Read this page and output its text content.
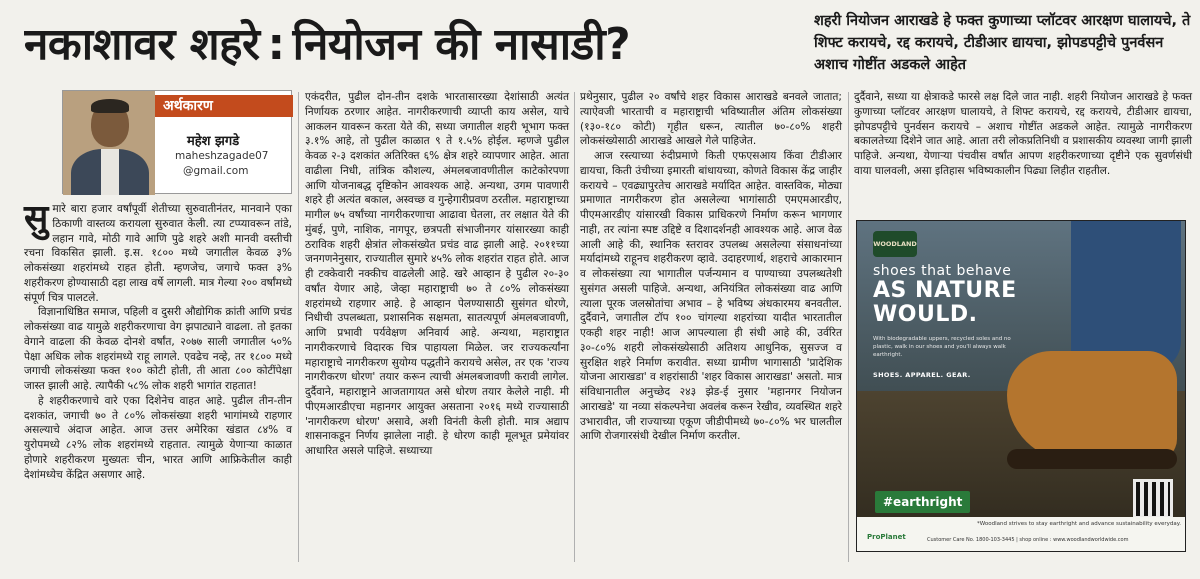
नकाशावर शहरे : नियोजन की नासाडी?	शहरी नियोजन आराखडे हे फक्त कुणाच्या प्लॉटवर आरक्षण घालायचे, ते शिफ्ट करायचे, रद्द करायचे, टीडीआर द्यायचा, झोपडपट्टीचे पुनर्वसन अशाच गोष्टींत अडकले आहेत
अर्थकारण
महेश झगडे
maheshzagade07
@gmail.com

सुमारे बारा हजार वर्षांपूर्वी शेतीच्या सुरुवातीनंतर, मानवाने एका ठिकाणी वास्तव्य करायला सुरुवात केली. त्या टप्प्यावरून तांडे, लहान गावे, मोठी गावे आणि पुढे शहरे अशी मानवी वस्तीची रचना विकसित झाली. इ.स. १८०० मध्ये जगातील केवळ ३% लोकसंख्या शहरांमध्ये राहत होती. म्हणजेच, जगाचे फक्त ३% शहरीकरण होण्यासाठी दहा लाख वर्षे लागली. मात्र गेल्या २०० वर्षांमध्ये संपूर्ण चित्र पालटले.

विज्ञानाधिष्ठित समाज, पहिली व दुसरी औद्योगिक क्रांती आणि प्रचंड लोकसंख्या वाढ यामुळे शहरीकरणाचा वेग झपाट्याने वाढला. तो इतका वेगाने वाढला की केवळ दोनशे वर्षांत, २०७७ साली जगातील ५०% पेक्षा अधिक लोक शहरांमध्ये राहू लागले. एवढेच नव्हे, तर १८०० मध्ये जगाची लोकसंख्या फक्त १०० कोटी होती, ती आता ८०० कोटींपेक्षा जास्त झाली आहे. त्यापैकी ५८% लोक शहरी भागांत राहतात!

हे शहरीकरणाचे वारे एका दिशेनेच वाहत आहे. पुढील तीन-तीन दशकांत, जगाची ७० ते ८०% लोकसंख्या शहरी भागांमध्ये राहणार असल्याचे अंदाज आहेत. आज उत्तर अमेरिका खंडात ८४% व युरोपमध्ये ८२% लोक शहरांमध्ये राहतात. त्यामुळे येणाऱ्या काळात होणारे शहरीकरण मुख्यतः चीन, भारत आणि आफ्रिकेतील काही देशांमध्येच केंद्रित असणार आहे.

एकंदरीत, पुढील दोन-तीन दशके भारतासारख्या देशांसाठी अत्यंत निर्णायक ठरणार आहेत. नागरीकरणाची व्याप्ती काय असेल, याचे आकलन यावरून करता येते की, सध्या जगातील शहरी भूभाग फक्त ३.१% आहे, तो पुढील काळात ९ ते १.५% होईल. म्हणजे पुढील केवळ २-३ दशकांत अतिरिक्त ६% क्षेत्र शहरे व्यापणार आहेत. आता वाढीला निधी, तांत्रिक कौशल्य, अंमलबजावणीतील काटेकोरपणा आणि योजनाबद्ध दृष्टिकोन आवश्यक आहे. अन्यथा, उगम पावणारी शहरे ही अत्यंत बकाल, अस्वच्छ व गुन्हेगारीप्रवण ठरतील. महाराष्ट्राच्या मागील ७५ वर्षांच्या नागरीकरणाचा आढावा घेतला, तर लक्षात येते की मुंबई, पुणे, नाशिक, नागपूर, छत्रपती संभाजीनगर यांसारख्या काही ठराविक शहरी क्षेत्रांत लोकसंख्येत प्रचंड वाढ झाली आहे. २०११च्या जनगणनेनुसार, राज्यातील सुमारे ४५% लोक शहरांत राहत होते. आज ही टक्केवारी नक्कीच वाढलेली आहे. खरे आव्हान हे पुढील २०-३० वर्षांत येणार आहे, जेव्हा महाराष्ट्राची ७० ते ८०% लोकसंख्या शहरांमध्ये राहणार आहे. हे आव्हान पेलण्यासाठी सुसंगत धोरणे, निधीची उपलब्धता, प्रशासनिक सक्षमता, सातत्यपूर्ण अंमलबजावणी, आणि प्रभावी पर्यवेक्षण अनिवार्य आहे. अन्यथा, महाराष्ट्रात नागरीकरणाचे विदारक चित्र पाहायला मिळेल. जर राज्यकर्त्यांना महाराष्ट्राचे नागरीकरण सुयोग्य पद्धतीने करायचे असेल, तर एक 'राज्य नागरीकरण धोरण' तयार करून त्याची अंमलबजावणी करावी लागेल. दुर्दैवाने, महाराष्ट्राने आजतागायत असे धोरण तयार केलेले नाही. मी पीएमआरडीएचा महानगर आयुक्त असताना २०१६ मध्ये राज्यासाठी 'नागरीकरण धोरण' असावे, अशी विनंती केली होती. मात्र अद्याप शासनाकडून निर्णय झालेला नाही. हे धोरण काही मूलभूत प्रमेयांवर आधारित असले पाहिजे. सध्याच्या

प्रथेनुसार, पुढील २० वर्षांचे शहर विकास आराखडे बनवले जातात; त्याऐवजी भारताची व महाराष्ट्राची भविष्यातील अंतिम लोकसंख्या (१३०-१८० कोटी) गृहीत धरून, त्यातील ७०-८०% शहरी लोकसंख्येसाठी आराखडे आखले गेले पाहिजेत.

आज रस्त्याच्या रुंदीप्रमाणे किती एफएसआय किंवा टीडीआर द्यायचा, किती उंचीच्या इमारती बांधायच्या, कोणते विकास केंद्र जाहीर करायचे – एवढ्यापुरतेच आराखडे मर्यादित आहेत. वास्तविक, मोठ्या प्रमाणात नागरीकरण होत असलेल्या भागांसाठी एमएमआरडीए, पीएमआरडीए यांसारखी विकास प्राधिकरणे निर्माण करून भागणार नाही, तर त्यांना स्पष्ट उद्दिष्टे व दिशादर्शनही आवश्यक आहे. आज वेळ आली आहे की, स्थानिक स्तरावर उपलब्ध असलेल्या संसाधनांच्या मर्यादांमध्ये राहूनच शहरीकरण व्हावे. उदाहरणार्थ, शहराचे आकारमान व लोकसंख्या त्या भागातील पर्जन्यमान व पाण्याच्या उपलब्धतेशी सुसंगत असली पाहिजे. अन्यथा, अनियंत्रित लोकसंख्या वाढ आणि त्याला पूरक जलस्रोतांचा अभाव – हे भविष्य अंधकारमय बनवतील. दुर्दैवाने, जगातील टॉप १०० चांगल्या शहरांच्या यादीत भारतातील एकही शहर नाही! आज आपल्याला ही संधी आहे की, उर्वरित ३०-८०% शहरी लोकसंख्येसाठी अतिशय आधुनिक, सुसज्ज व सुरक्षित शहरे निर्माण करावीत. सध्या ग्रामीण भागासाठी 'प्रादेशिक योजना आराखडा' व शहरांसाठी 'शहर विकास आराखडा' असतो. मात्र संविधानातील अनुच्छेद २४३ झेड-ई नुसार 'महानगर नियोजन आराखडे' या नव्या संकल्पनेचा अवलंब करून रेखीव, व्यवस्थित शहरे उभारावीत, जी राज्याच्या एकूण जीडीपीमध्ये ७०-८०% भर घालतील आणि रोजगारसंधी देखील निर्माण करतील.

दुर्दैवाने, सध्या या क्षेत्राकडे फारसे लक्ष दिले जात नाही. शहरी नियोजन आराखडे हे फक्त कुणाच्या प्लॉटवर आरक्षण घालायचे, ते शिफ्ट करायचे, रद्द करायचे, टीडीआर द्यायचा, झोपडपट्टीचे पुनर्वसन करायचे – अशाच गोष्टींत अडकले आहेत. त्यामुळे नागरीकरण बकालतेच्या दिशेने जात आहे. आता तरी लोकप्रतिनिधी व प्रशासकीय व्यवस्था जागी झाली पाहिजे. अन्यथा, येणाऱ्या पंचवीस वर्षांत आपण शहरीकरणाच्या दृष्टीने एक सुवर्णसंधी वाया घालवली, असा इतिहास भविष्यकालीन पिढ्या लिहीत राहतील.

WOODLAND
shoes that behave
AS NATURE
WOULD.
With biodegradable uppers, recycled soles and no plastic, walk in our shoes and you'll always walk earthright.
SHOES. APPAREL. GEAR.
#earthright
*Woodland strives to stay earthright and advance sustainability everyday.
ProPlanet	Customer Care No. 1800-103-3445 | shop online : www.woodlandworldwide.com
